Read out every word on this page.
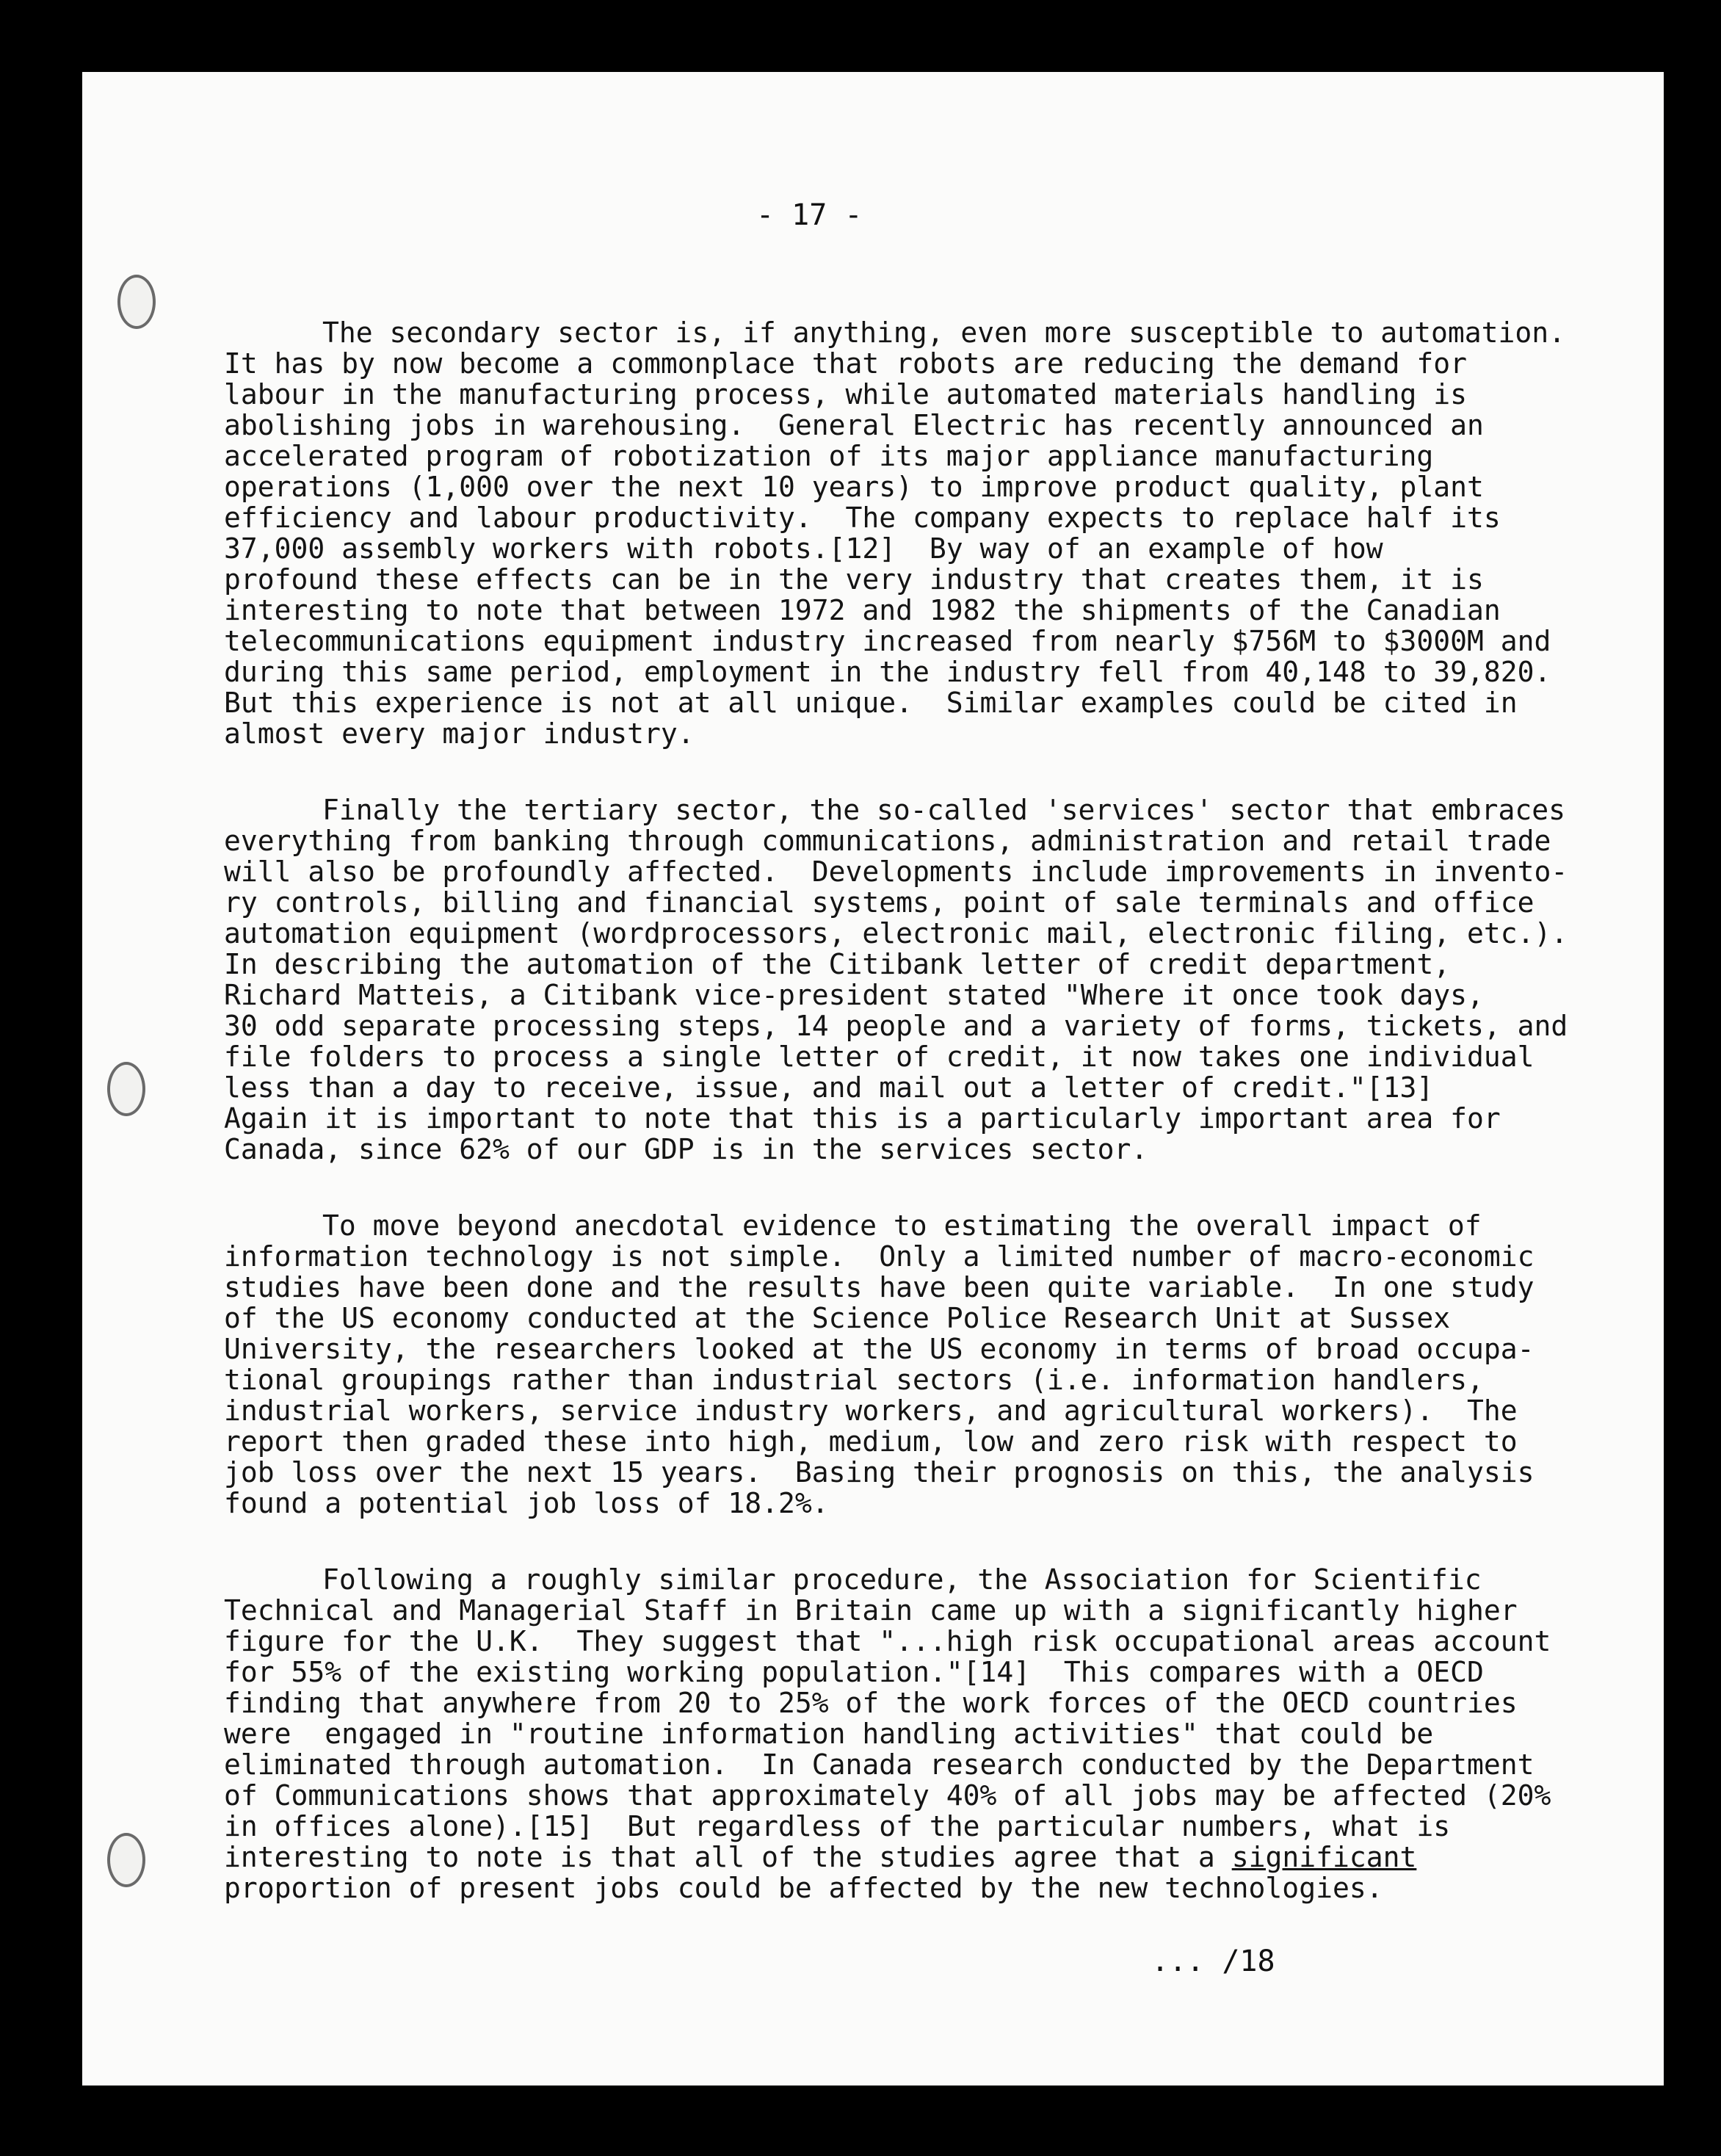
- 17 -
The secondary sector is, if anything, even more susceptible to automation.
It has by now become a commonplace that robots are reducing the demand for
labour in the manufacturing process, while automated materials handling is
abolishing jobs in warehousing.  General Electric has recently announced an
accelerated program of robotization of its major appliance manufacturing
operations (1,000 over the next 10 years) to improve product quality, plant
efficiency and labour productivity.  The company expects to replace half its
37,000 assembly workers with robots.[12]  By way of an example of how
profound these effects can be in the very industry that creates them, it is
interesting to note that between 1972 and 1982 the shipments of the Canadian
telecommunications equipment industry increased from nearly $756M to $3000M and
during this same period, employment in the industry fell from 40,148 to 39,820.
But this experience is not at all unique.  Similar examples could be cited in
almost every major industry.
Finally the tertiary sector, the so-called 'services' sector that embraces
everything from banking through communications, administration and retail trade
will also be profoundly affected.  Developments include improvements in invento-
ry controls, billing and financial systems, point of sale terminals and office
automation equipment (wordprocessors, electronic mail, electronic filing, etc.).
In describing the automation of the Citibank letter of credit department,
Richard Matteis, a Citibank vice-president stated "Where it once took days,
30 odd separate processing steps, 14 people and a variety of forms, tickets, and
file folders to process a single letter of credit, it now takes one individual
less than a day to receive, issue, and mail out a letter of credit."[13]
Again it is important to note that this is a particularly important area for
Canada, since 62% of our GDP is in the services sector.
To move beyond anecdotal evidence to estimating the overall impact of
information technology is not simple.  Only a limited number of macro-economic
studies have been done and the results have been quite variable.  In one study
of the US economy conducted at the Science Police Research Unit at Sussex
University, the researchers looked at the US economy in terms of broad occupa-
tional groupings rather than industrial sectors (i.e. information handlers,
industrial workers, service industry workers, and agricultural workers).  The
report then graded these into high, medium, low and zero risk with respect to
job loss over the next 15 years.  Basing their prognosis on this, the analysis
found a potential job loss of 18.2%.
Following a roughly similar procedure, the Association for Scientific
Technical and Managerial Staff in Britain came up with a significantly higher
figure for the U.K.  They suggest that "...high risk occupational areas account
for 55% of the existing working population."[14]  This compares with a OECD
finding that anywhere from 20 to 25% of the work forces of the OECD countries
were  engaged in "routine information handling activities" that could be
eliminated through automation.  In Canada research conducted by the Department
of Communications shows that approximately 40% of all jobs may be affected (20%
in offices alone).[15]  But regardless of the particular numbers, what is
interesting to note is that all of the studies agree that a significant
proportion of present jobs could be affected by the new technologies.
... /18
